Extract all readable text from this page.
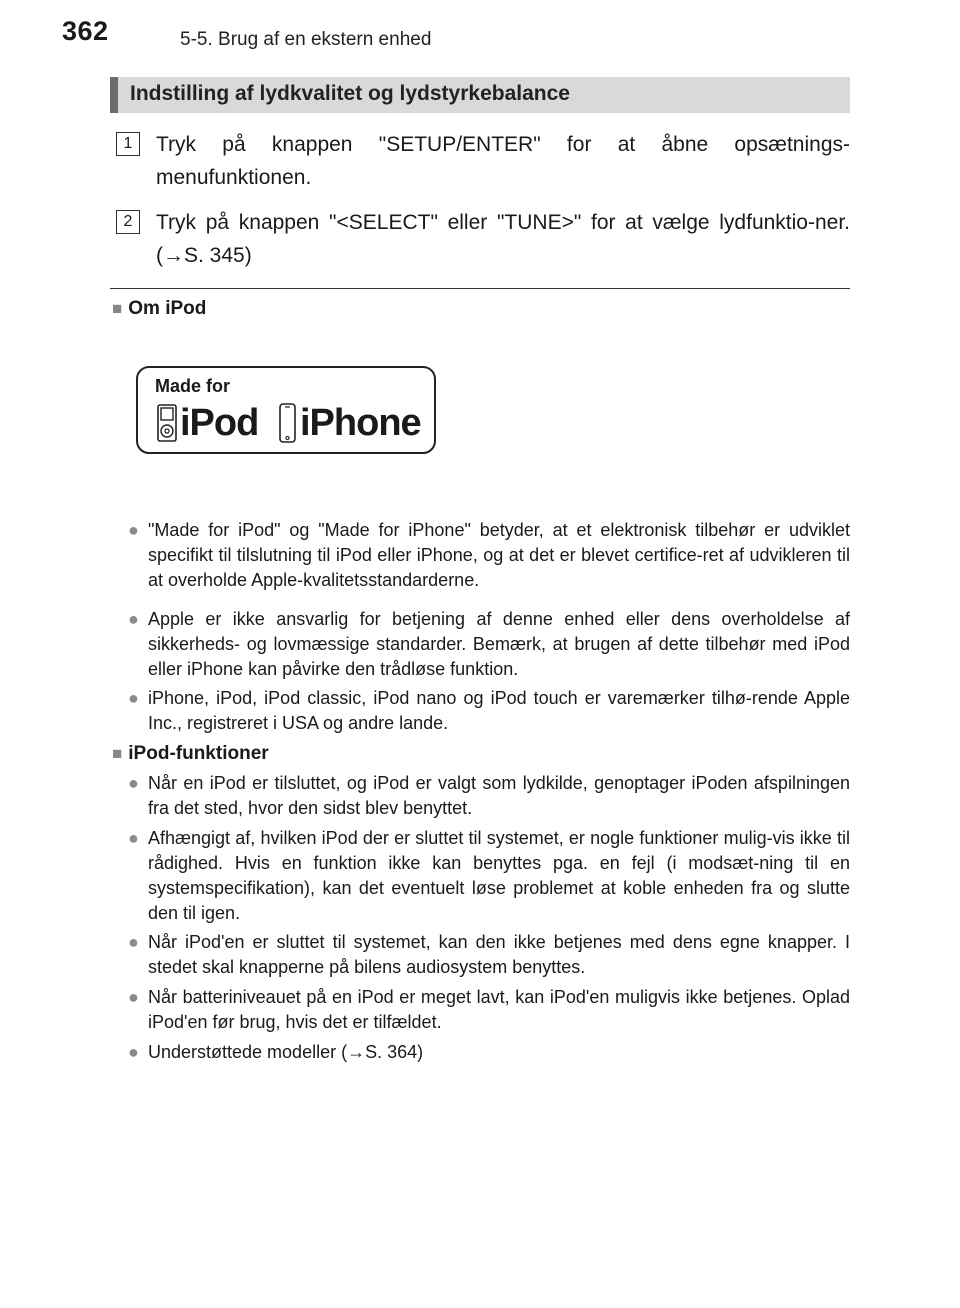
362	5-5. Brug af en ekstern enhed
Indstilling af lydkvalitet og lydstyrkebalance
1	Tryk på knappen "SETUP/ENTER" for at åbne opsætnings-menufunktionen.
2	Tryk på knappen "<SELECT" eller "TUNE>" for at vælge lydfunktio-ner. (→S. 345)
■ Om iPod
Made for
iPod iPhone
● "Made for iPod" og "Made for iPhone" betyder, at et elektronisk tilbehør er udviklet specifikt til tilslutning til iPod eller iPhone, og at det er blevet certifice-ret af udvikleren til at overholde Apple-kvalitetsstandarderne.
● Apple er ikke ansvarlig for betjening af denne enhed eller dens overholdelse af sikkerheds- og lovmæssige standarder. Bemærk, at brugen af dette tilbehør med iPod eller iPhone kan påvirke den trådløse funktion.
● iPhone, iPod, iPod classic, iPod nano og iPod touch er varemærker tilhø-rende Apple Inc., registreret i USA og andre lande.
■ iPod-funktioner
● Når en iPod er tilsluttet, og iPod er valgt som lydkilde, genoptager iPoden afspilningen fra det sted, hvor den sidst blev benyttet.
● Afhængigt af, hvilken iPod der er sluttet til systemet, er nogle funktioner mulig-vis ikke til rådighed. Hvis en funktion ikke kan benyttes pga. en fejl (i modsæt-ning til en systemspecifikation), kan det eventuelt løse problemet at koble enheden fra og slutte den til igen.
● Når iPod'en er sluttet til systemet, kan den ikke betjenes med dens egne knapper. I stedet skal knapperne på bilens audiosystem benyttes.
● Når batteriniveauet på en iPod er meget lavt, kan iPod'en muligvis ikke betjenes. Oplad iPod'en før brug, hvis det er tilfældet.
● Understøttede modeller (→S. 364)
